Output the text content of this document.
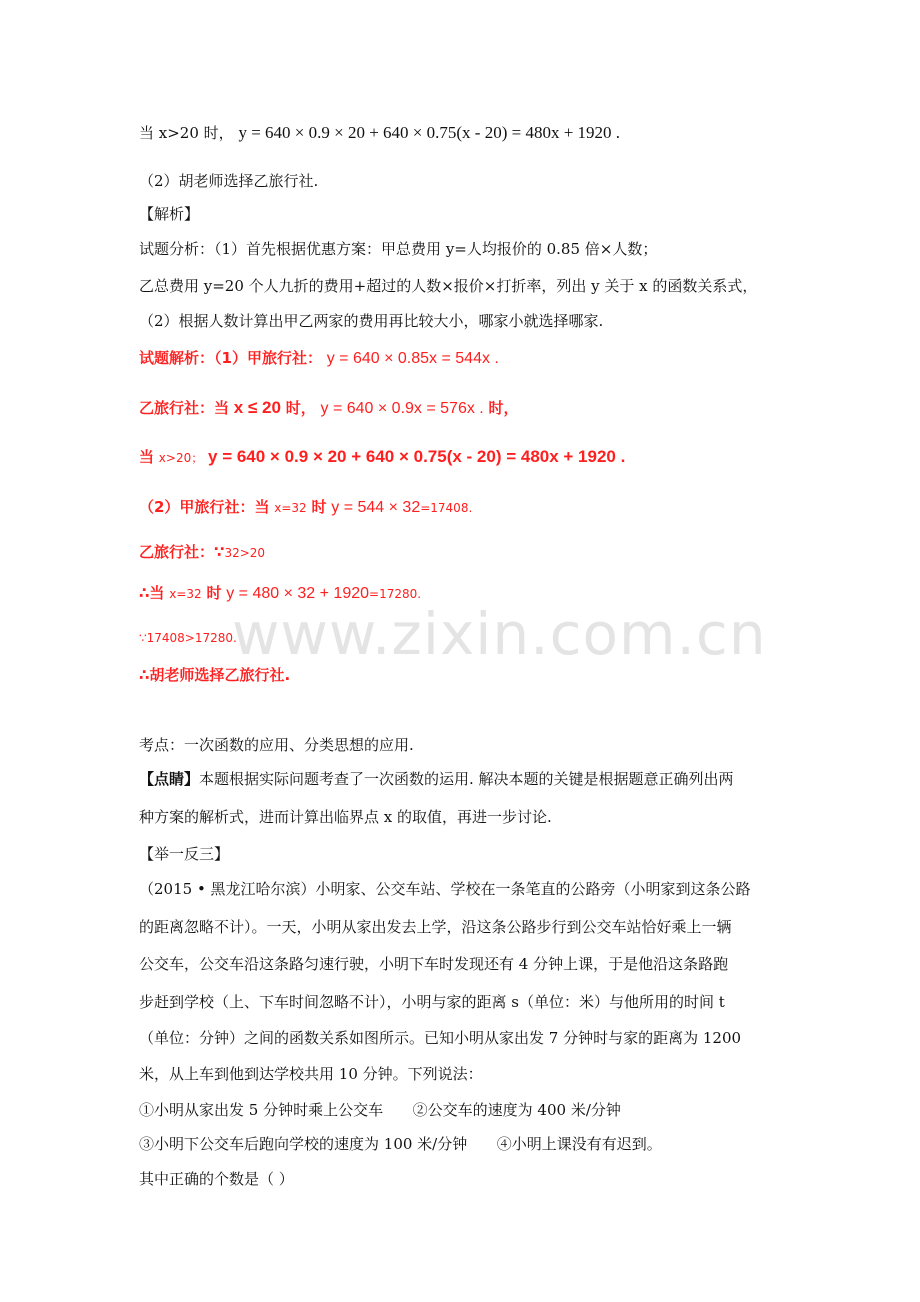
www.zixin.com.cn
当 x>20 时， y = 640 × 0.9 × 20 + 640 × 0.75(x - 20) = 480x + 1920 .
（2）胡老师选择乙旅行社.
【解析】
试题分析：（1）首先根据优惠方案：甲总费用 y=人均报价的 0.85 倍×人数；
乙总费用 y=20 个人九折的费用+超过的人数×报价×打折率，列出 y 关于 x 的函数关系式，
（2）根据人数计算出甲乙两家的费用再比较大小，哪家小就选择哪家.
试题解析：（1）甲旅行社： y = 640 × 0.85x = 544x .
乙旅行社：当 x ≤ 20 时， y = 640 × 0.9x = 576x . 时，
当 x>20； y = 640 × 0.9 × 20 + 640 × 0.75(x - 20) = 480x + 1920 .
（2）甲旅行社：当 x=32 时 y = 544 × 32=17408.
乙旅行社：∵32>20
∴当 x=32 时 y = 480 × 32 + 1920=17280.
∵17408>17280.
∴胡老师选择乙旅行社.
考点：一次函数的应用、分类思想的应用.
【点睛】本题根据实际问题考查了一次函数的运用. 解决本题的关键是根据题意正确列出两
种方案的解析式，进而计算出临界点 x 的取值，再进一步讨论.
【举一反三】
（2015 • 黑龙江哈尔滨）小明家、公交车站、学校在一条笔直的公路旁（小明家到这条公路
的距离忽略不计）。一天，小明从家出发去上学，沿这条公路步行到公交车站恰好乘上一辆
公交车，公交车沿这条路匀速行驶，小明下车时发现还有 4 分钟上课，于是他沿这条路跑
步赶到学校（上、下车时间忽略不计），小明与家的距离 s（单位：米）与他所用的时间 t
（单位：分钟）之间的函数关系如图所示。已知小明从家出发 7 分钟时与家的距离为 1200
米，从上车到他到达学校共用 10 分钟。下列说法：
①小明从家出发 5 分钟时乘上公交车 ②公交车的速度为 400 米/分钟
③小明下公交车后跑向学校的速度为 100 米/分钟 ④小明上课没有有迟到。
其中正确的个数是（ ）
